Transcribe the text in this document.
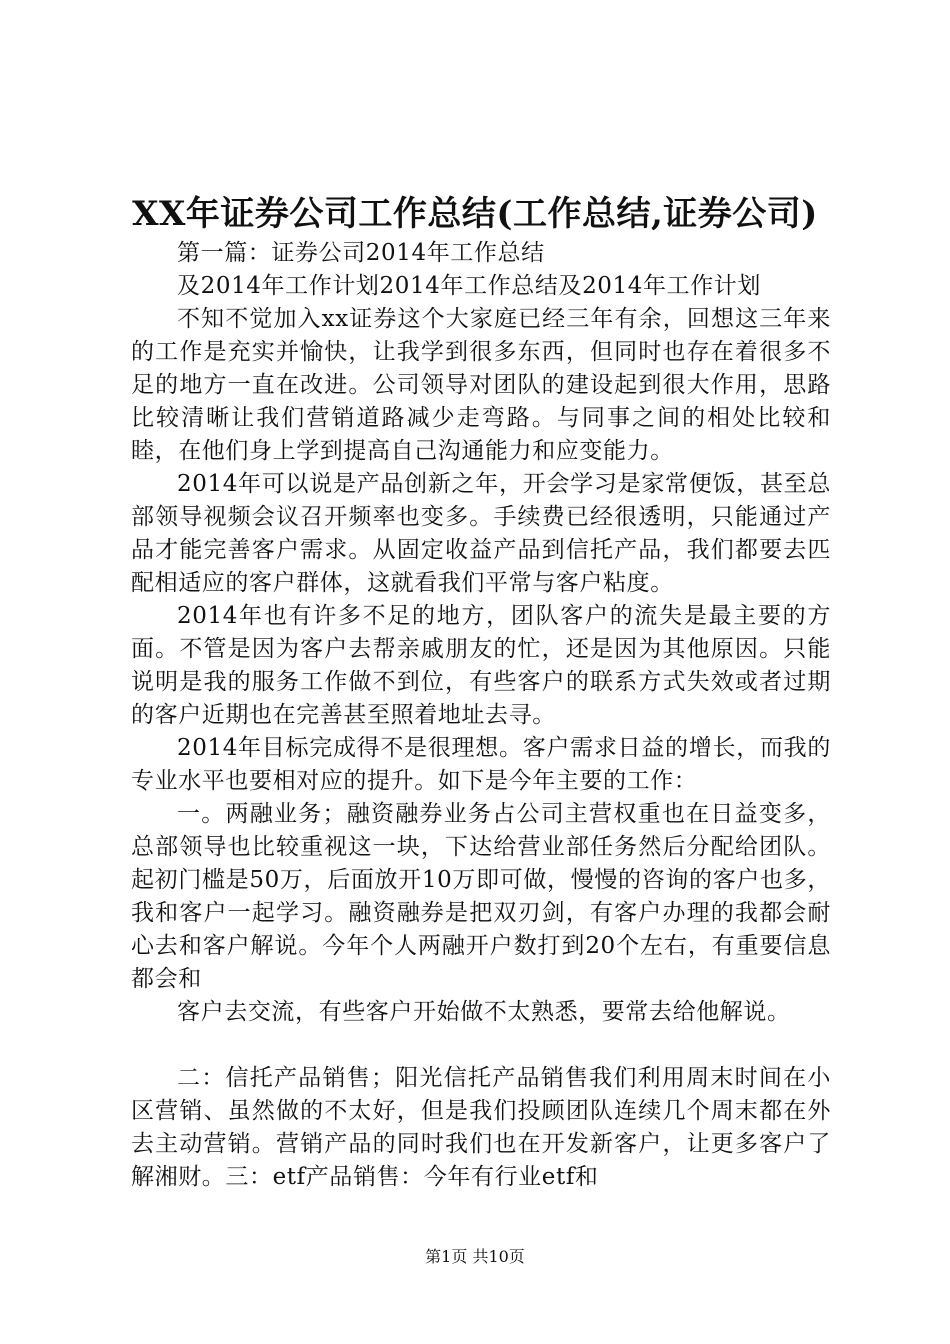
XX年证券公司工作总结(工作总结,证券公司)

第一篇：证券公司2014年工作总结

及2014年工作计划2014年工作总结及2014年工作计划

不知不觉加入xx证券这个大家庭已经三年有余，回想这三年来的工作是充实并愉快，让我学到很多东西，但同时也存在着很多不足的地方一直在改进。公司领导对团队的建设起到很大作用，思路比较清晰让我们营销道路减少走弯路。与同事之间的相处比较和睦，在他们身上学到提高自己沟通能力和应变能力。

2014年可以说是产品创新之年，开会学习是家常便饭，甚至总部领导视频会议召开频率也变多。手续费已经很透明，只能通过产品才能完善客户需求。从固定收益产品到信托产品，我们都要去匹配相适应的客户群体，这就看我们平常与客户粘度。

2014年也有许多不足的地方，团队客户的流失是最主要的方面。不管是因为客户去帮亲戚朋友的忙，还是因为其他原因。只能说明是我的服务工作做不到位，有些客户的联系方式失效或者过期的客户近期也在完善甚至照着地址去寻。

2014年目标完成得不是很理想。客户需求日益的增长，而我的专业水平也要相对应的提升。如下是今年主要的工作：

一。两融业务；融资融券业务占公司主营权重也在日益变多，总部领导也比较重视这一块，下达给营业部任务然后分配给团队。起初门槛是50万，后面放开10万即可做，慢慢的咨询的客户也多，我和客户一起学习。融资融券是把双刃剑，有客户办理的我都会耐心去和客户解说。今年个人两融开户数打到20个左右，有重要信息都会和

客户去交流，有些客户开始做不太熟悉，要常去给他解说。

二：信托产品销售；阳光信托产品销售我们利用周末时间在小区营销、虽然做的不太好，但是我们投顾团队连续几个周末都在外去主动营销。营销产品的同时我们也在开发新客户，让更多客户了解湘财。三：etf产品销售：今年有行业etf和

第1页 共10页
